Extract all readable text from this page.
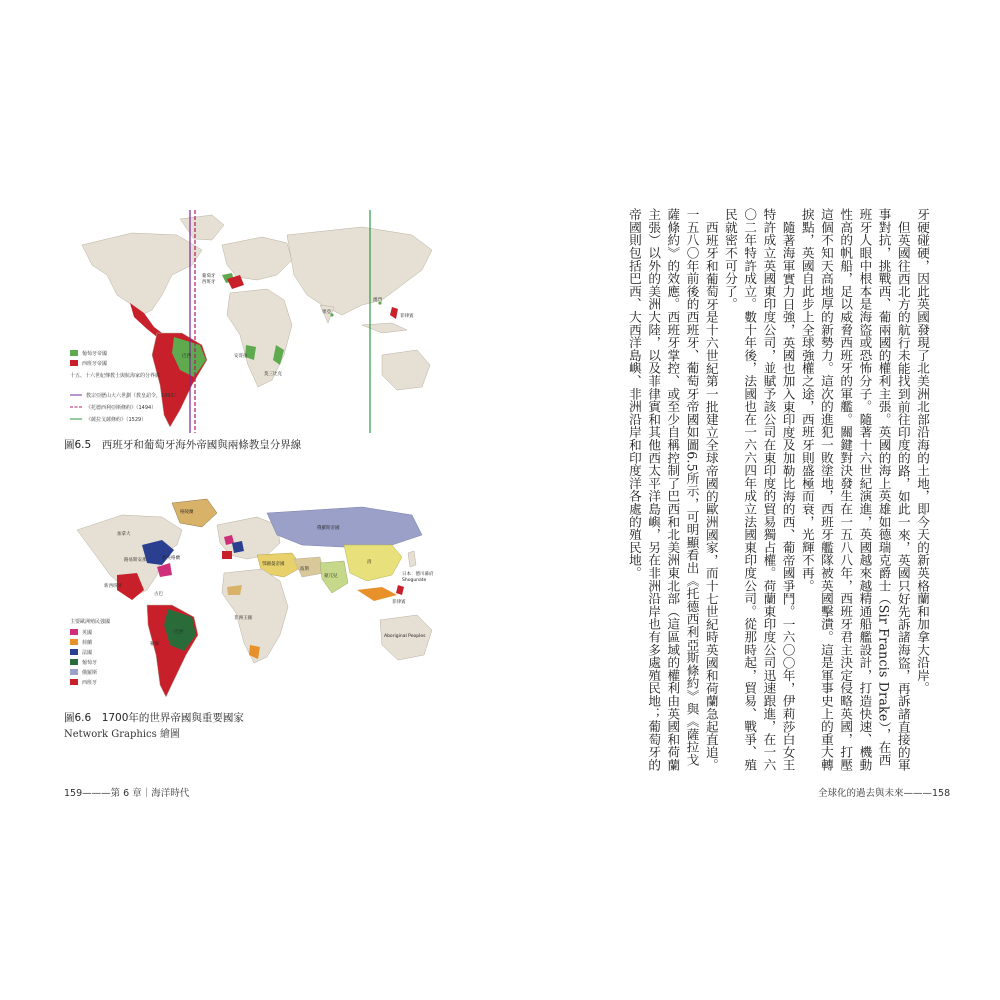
巴西
葡萄牙
西班牙
安哥拉
莫三比克
果亞
澳門
菲律賓
葡萄牙帝國
西班牙帝國
十五、十六世紀傳教士與航海家的分界線
教宗亞歷山大六世劃（教皇詔令，1493）
《托德西利亞斯條約》（1494）
《薩拉戈薩條約》（1529）
圖6.5　西班牙和葡萄牙海外帝國與兩條教皇分界線
格陵蘭
加拿大
路易斯安那	新英格蘭
新西班牙
古巴
秘魯
巴西
俄羅斯帝國
鄂圖曼帝國
波斯
蒙兀兒
清
日本：德川幕府
Shogunate
菲律賓
Aboriginal Peoples
非洲王國
主要歐洲殖民強國
英國
荷蘭
法國
葡萄牙
俄羅斯
西班牙
圖6.6　1700年的世界帝國與重要國家
Network Graphics 繪圖
159———第 6 章｜海洋時代

牙硬碰硬，因此英國發現了北美洲北部沿海的土地，即今天的新英格蘭和加拿大沿岸。

但英國往西北方的航行未能找到前往印度的路，如此一來，英國只好先訴諸海盜，再訴諸直接的軍事對抗，挑戰西、葡兩國的權利主張。英國的海上英雄如德瑞克爵士（Sir Francis Drake），在西班牙人眼中根本是海盜或恐怖分子。隨著十六世紀演進，英國越來越精通船艦設計，打造快速、機動性高的帆船，足以威脅西班牙的軍艦。關鍵對決發生在一五八八年，西班牙君主決定侵略英國，打壓這個不知天高地厚的新勢力。這次的進犯一敗塗地，西班牙艦隊被英國擊潰。這是軍事史上的重大轉捩點，英國自此步上全球強權之途，西班牙則盛極而衰，光輝不再。

隨著海軍實力日強，英國也加入東印度及加勒比海的西、葡帝國爭鬥。一六〇〇年，伊莉莎白女王特許成立英國東印度公司，並賦予該公司在東印度的貿易獨占權。荷蘭東印度公司迅速跟進，在一六〇二年特許成立。數十年後，法國也在一六六四年成立法國東印度公司。從那時起，貿易、戰爭、殖民就密不可分了。

西班牙和葡萄牙是十六世紀第一批建立全球帝國的歐洲國家，而十七世紀時英國和荷蘭急起直追。一五八〇年前後的西班牙、葡萄牙帝國如圖6.5所示，可明顯看出《托德西利亞斯條約》與《薩拉戈薩條約》的效應。西班牙掌控、或至少自稱控制了巴西和北美洲東北部（這區域的權利由英國和荷蘭主張）以外的美洲大陸，以及菲律賓和其他西太平洋島嶼，另在非洲沿岸也有多處殖民地；葡萄牙的帝國則包括巴西、大西洋島嶼、非洲沿岸和印度洋各處的殖民地。

全球化的過去與未來———158
